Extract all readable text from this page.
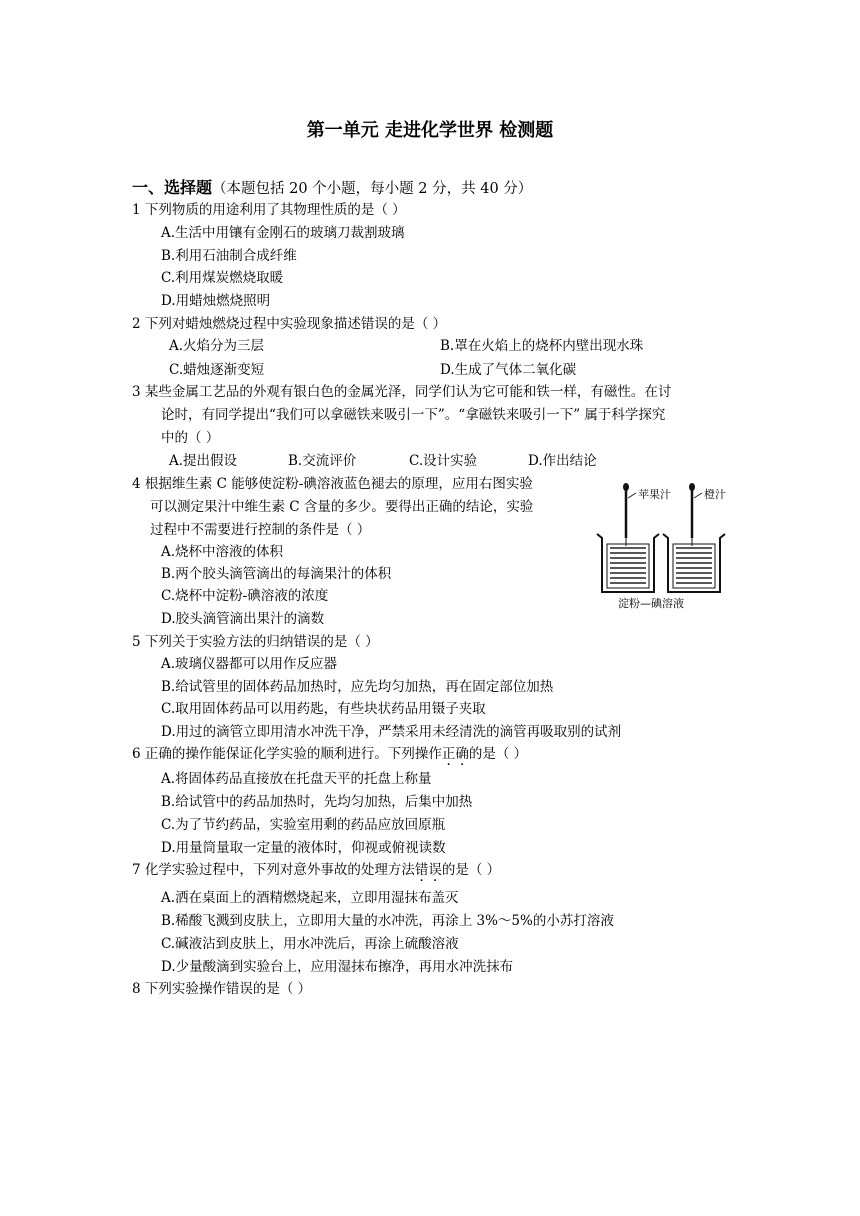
第一单元 走进化学世界 检测题
一、选择题（本题包括 20 个小题，每小题 2 分，共 40 分）
1 下列物质的用途利用了其物理性质的是（ ）
A.生活中用镶有金刚石的玻璃刀裁割玻璃
B.利用石油制合成纤维
C.利用煤炭燃烧取暖
D.用蜡烛燃烧照明
2 下列对蜡烛燃烧过程中实验现象描述错误的是（ ）
A.火焰分为三层	B.罩在火焰上的烧杯内壁出现水珠
C.蜡烛逐渐变短	D.生成了气体二氧化碳
3 某些金属工艺品的外观有银白色的金属光泽，同学们认为它可能和铁一样，有磁性。在讨
论时，有同学提出“我们可以拿磁铁来吸引一下”。“拿磁铁来吸引一下” 属于科学探究
中的（ ）
A.提出假设	B.交流评价	C.设计实验	D.作出结论
4 根据维生素 C 能够使淀粉-碘溶液蓝色褪去的原理，应用右图实验
可以测定果汁中维生素 C 含量的多少。要得出正确的结论，实验
过程中不需要进行控制的条件是（ ）
A.烧杯中溶液的体积
B.两个胶头滴管滴出的每滴果汁的体积
C.烧杯中淀粉-碘溶液的浓度
D.胶头滴管滴出果汁的滴数
苹果汁	橙汁
淀粉—碘溶液
5 下列关于实验方法的归纳错误的是（ ）
A.玻璃仪器都可以用作反应器
B.给试管里的固体药品加热时，应先均匀加热，再在固定部位加热
C.取用固体药品可以用药匙，有些块状药品用镊子夹取
D.用过的滴管立即用清水冲洗干净，严禁采用未经清洗的滴管再吸取别的试剂
6 正确的操作能保证化学实验的顺利进行。下列操作正确的是（ ）
A.将固体药品直接放在托盘天平的托盘上称量
B.给试管中的药品加热时，先均匀加热，后集中加热
C.为了节约药品，实验室用剩的药品应放回原瓶
D.用量筒量取一定量的液体时，仰视或俯视读数
7 化学实验过程中，下列对意外事故的处理方法错误的是（ ）
A.洒在桌面上的酒精燃烧起来，立即用湿抹布盖灭
B.稀酸飞溅到皮肤上，立即用大量的水冲洗，再涂上 3%～5%的小苏打溶液
C.碱液沾到皮肤上，用水冲洗后，再涂上硫酸溶液
D.少量酸滴到实验台上，应用湿抹布擦净，再用水冲洗抹布
8 下列实验操作错误的是（ ）
